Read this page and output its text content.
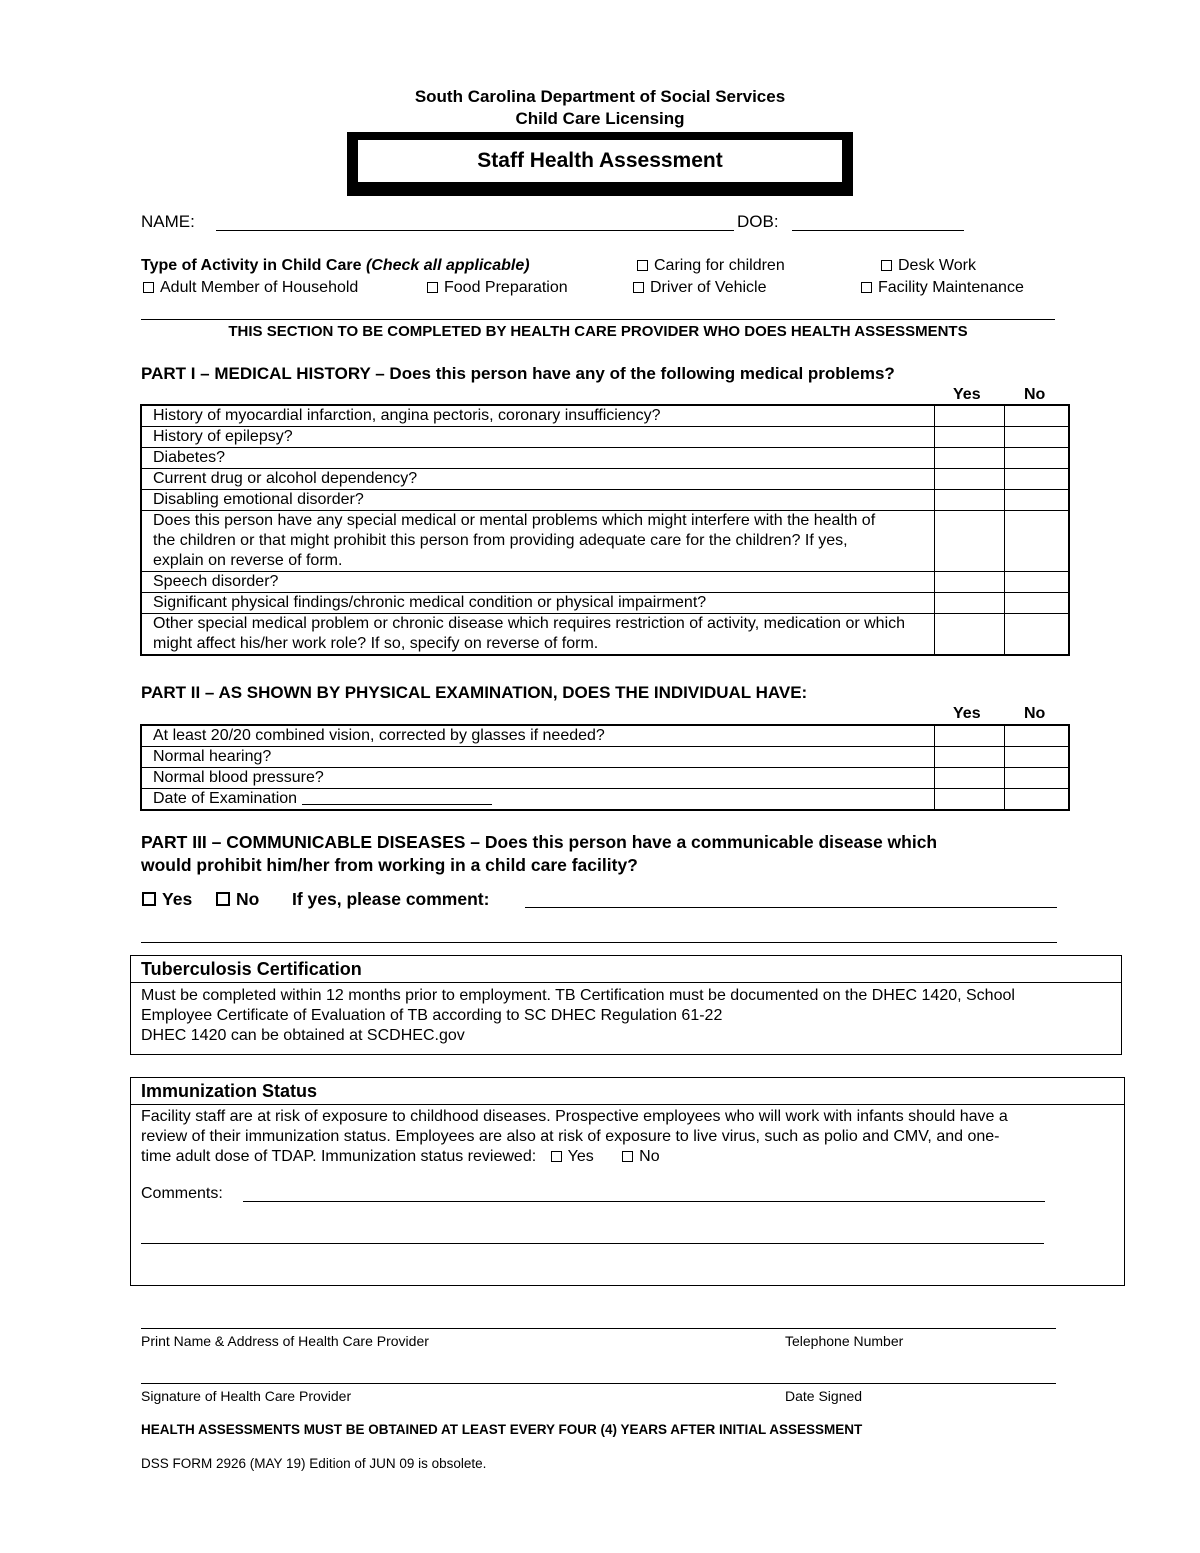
South Carolina Department of Social Services
Child Care Licensing
Staff Health Assessment
NAME:	DOB:
Type of Activity in Child Care (Check all applicable)	Caring for children	Desk Work
Adult Member of Household	Food Preparation	Driver of Vehicle	Facility Maintenance
THIS SECTION TO BE COMPLETED BY HEALTH CARE PROVIDER WHO DOES HEALTH ASSESSMENTS
PART I – MEDICAL HISTORY – Does this person have any of the following medical problems?
Yes	No
History of myocardial infarction, angina pectoris, coronary insufficiency?		
History of epilepsy?		
Diabetes?		
Current drug or alcohol dependency?		
Disabling emotional disorder?		
Does this person have any special medical or mental problems which might interfere with the health of the children or that might prohibit this person from providing adequate care for the children? If yes, explain on reverse of form.		
Speech disorder?		
Significant physical findings/chronic medical condition or physical impairment?		
Other special medical problem or chronic disease which requires restriction of activity, medication or which might affect his/her work role? If so, specify on reverse of form.		
PART II – AS SHOWN BY PHYSICAL EXAMINATION, DOES THE INDIVIDUAL HAVE:
Yes	No
At least 20/20 combined vision, corrected by glasses if needed?		
Normal hearing?		
Normal blood pressure?		
Date of Examination		
PART III – COMMUNICABLE DISEASES – Does this person have a communicable disease which
would prohibit him/her from working in a child care facility?
Yes	No If yes, please comment:
Tuberculosis Certification
Must be completed within 12 months prior to employment. TB Certification must be documented on the DHEC 1420, School
Employee Certificate of Evaluation of TB according to SC DHEC Regulation 61-22
DHEC 1420 can be obtained at SCDHEC.gov
Immunization Status
Facility staff are at risk of exposure to childhood diseases. Prospective employees who will work with infants should have a
review of their immunization status. Employees are also at risk of exposure to live virus, such as polio and CMV, and one-
time adult dose of TDAP. Immunization status reviewed: Yes	No
Comments:
Print Name & Address of Health Care Provider	Telephone Number
Signature of Health Care Provider	Date Signed
HEALTH ASSESSMENTS MUST BE OBTAINED AT LEAST EVERY FOUR (4) YEARS AFTER INITIAL ASSESSMENT
DSS FORM 2926 (MAY 19) Edition of JUN 09 is obsolete.
